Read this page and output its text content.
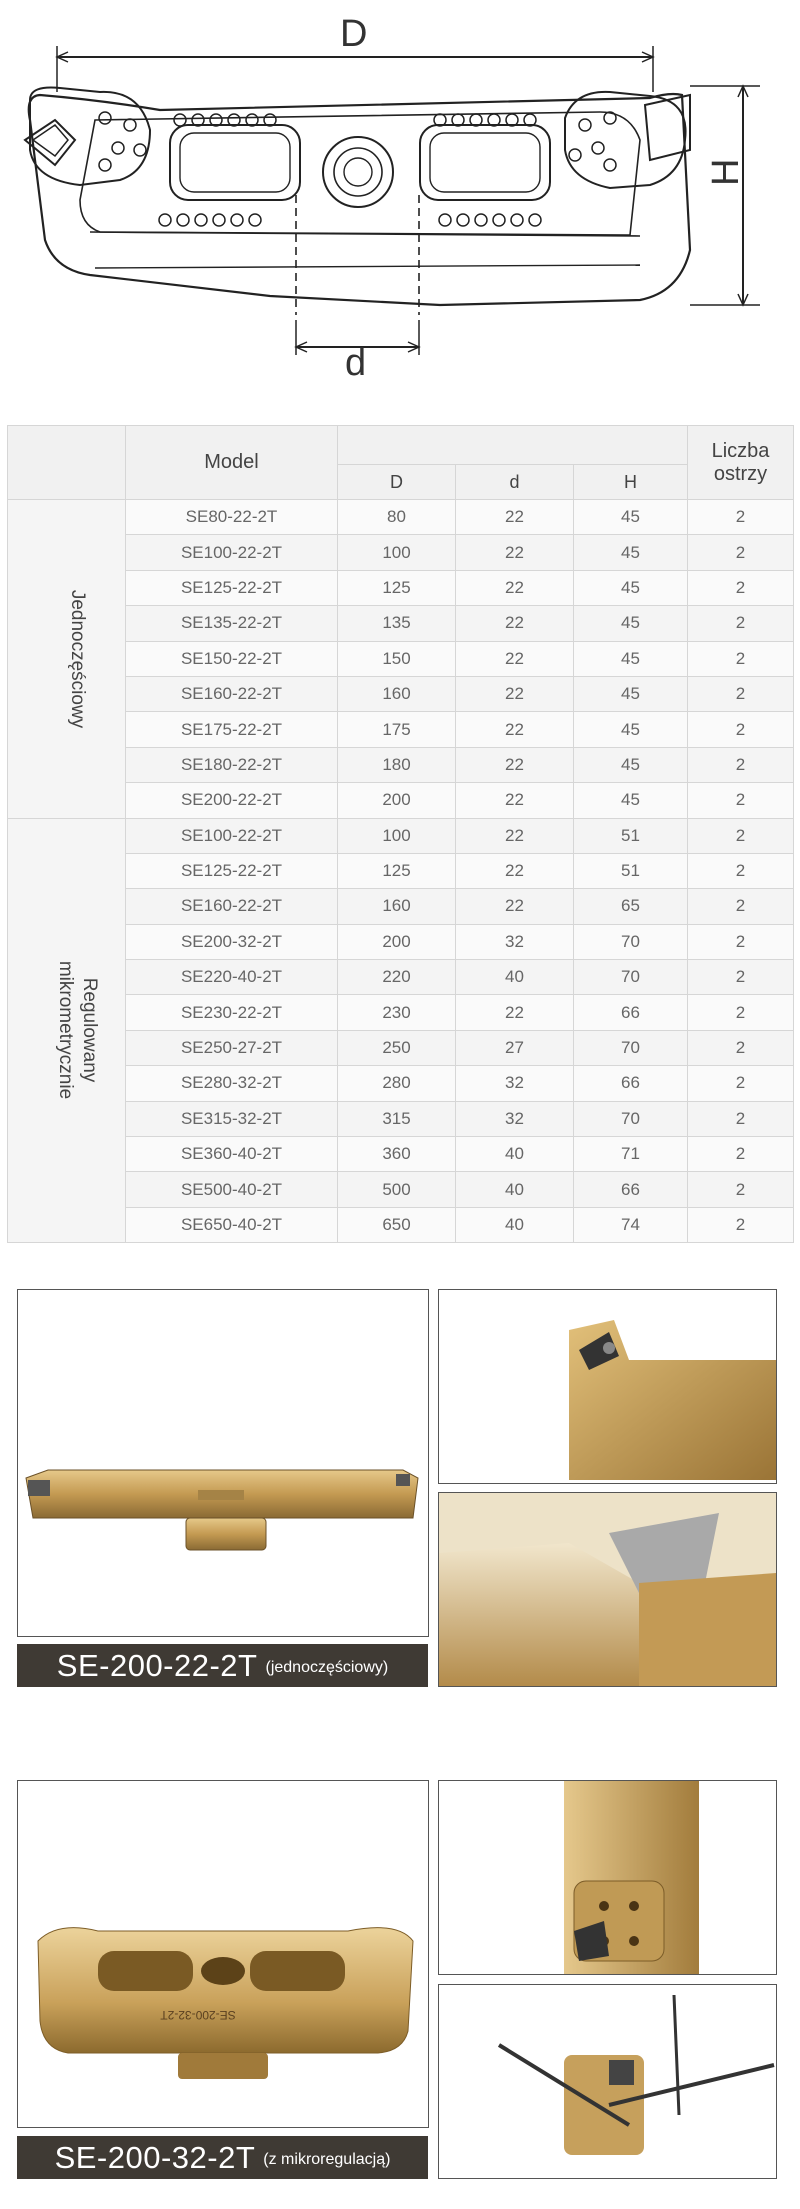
D
d
H
	Model				Liczba
ostrzy

		D	d	H	

Jednoczęściowy	SE80-22-2T	80	22	45	2
	SE100-22-2T	100	22	45	2
	SE125-22-2T	125	22	45	2
	SE135-22-2T	135	22	45	2
	SE150-22-2T	150	22	45	2
	SE160-22-2T	160	22	45	2
	SE175-22-2T	175	22	45	2
	SE180-22-2T	180	22	45	2
	SE200-22-2T	200	22	45	2

Regulowany
mikrometrycznie	SE100-22-2T	100	22	51	2
	SE125-22-2T	125	22	51	2
	SE160-22-2T	160	22	65	2
	SE200-32-2T	200	32	70	2
	SE220-40-2T	220	40	70	2
	SE230-22-2T	230	22	66	2
	SE250-27-2T	250	27	70	2
	SE280-32-2T	280	32	66	2
	SE315-32-2T	315	32	70	2
	SE360-40-2T	360	40	71	2
	SE500-40-2T	500	40	66	2
	SE650-40-2T	650	40	74	2
SE-200-22-2T (jednoczęściowy)
SE-200-32-2T
SE-200-32-2T (z mikroregulacją)
